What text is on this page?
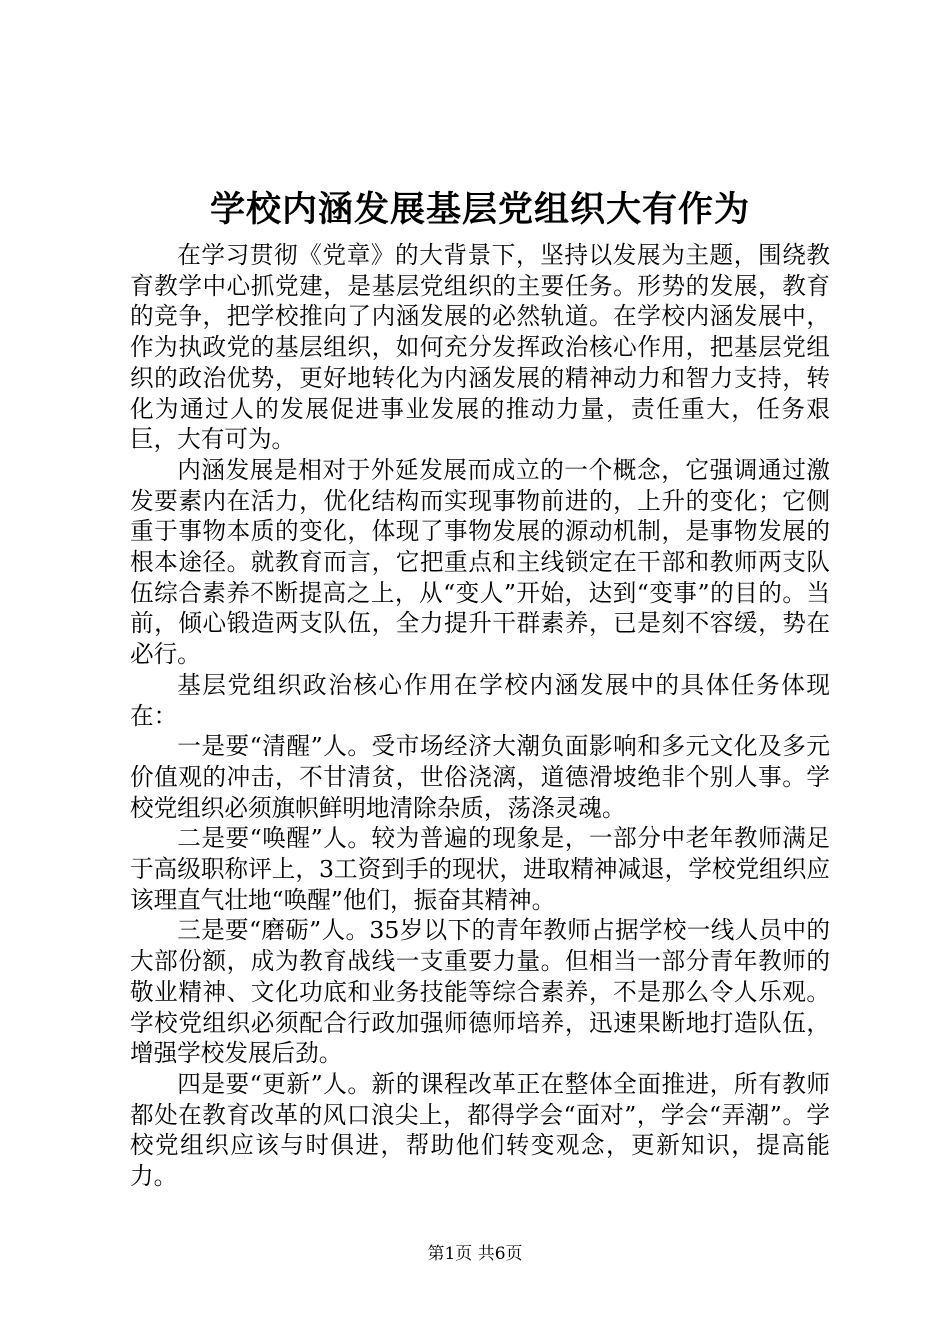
学校内涵发展基层党组织大有作为

在学习贯彻《党章》的大背景下，坚持以发展为主题，围绕教育教学中心抓党建，是基层党组织的主要任务。形势的发展，教育的竞争，把学校推向了内涵发展的必然轨道。在学校内涵发展中，作为执政党的基层组织，如何充分发挥政治核心作用，把基层党组织的政治优势，更好地转化为内涵发展的精神动力和智力支持，转化为通过人的发展促进事业发展的推动力量，责任重大，任务艰巨，大有可为。

内涵发展是相对于外延发展而成立的一个概念，它强调通过激发要素内在活力，优化结构而实现事物前进的，上升的变化；它侧重于事物本质的变化，体现了事物发展的源动机制，是事物发展的根本途径。就教育而言，它把重点和主线锁定在干部和教师两支队伍综合素养不断提高之上，从“变人”开始，达到“变事”的目的。当前，倾心锻造两支队伍，全力提升干群素养，已是刻不容缓，势在必行。

基层党组织政治核心作用在学校内涵发展中的具体任务体现在：

一是要“清醒”人。受市场经济大潮负面影响和多元文化及多元价值观的冲击，不甘清贫，世俗浇漓，道德滑坡绝非个别人事。学校党组织必须旗帜鲜明地清除杂质，荡涤灵魂。

二是要“唤醒”人。较为普遍的现象是，一部分中老年教师满足于高级职称评上，3工资到手的现状，进取精神减退，学校党组织应该理直气壮地“唤醒”他们，振奋其精神。

三是要“磨砺”人。35岁以下的青年教师占据学校一线人员中的大部份额，成为教育战线一支重要力量。但相当一部分青年教师的敬业精神、文化功底和业务技能等综合素养，不是那么令人乐观。学校党组织必须配合行政加强师德师培养，迅速果断地打造队伍，增强学校发展后劲。

四是要“更新”人。新的课程改革正在整体全面推进，所有教师都处在教育改革的风口浪尖上，都得学会“面对”，学会“弄潮”。学校党组织应该与时俱进，帮助他们转变观念，更新知识，提高能力。

第1页 共6页
